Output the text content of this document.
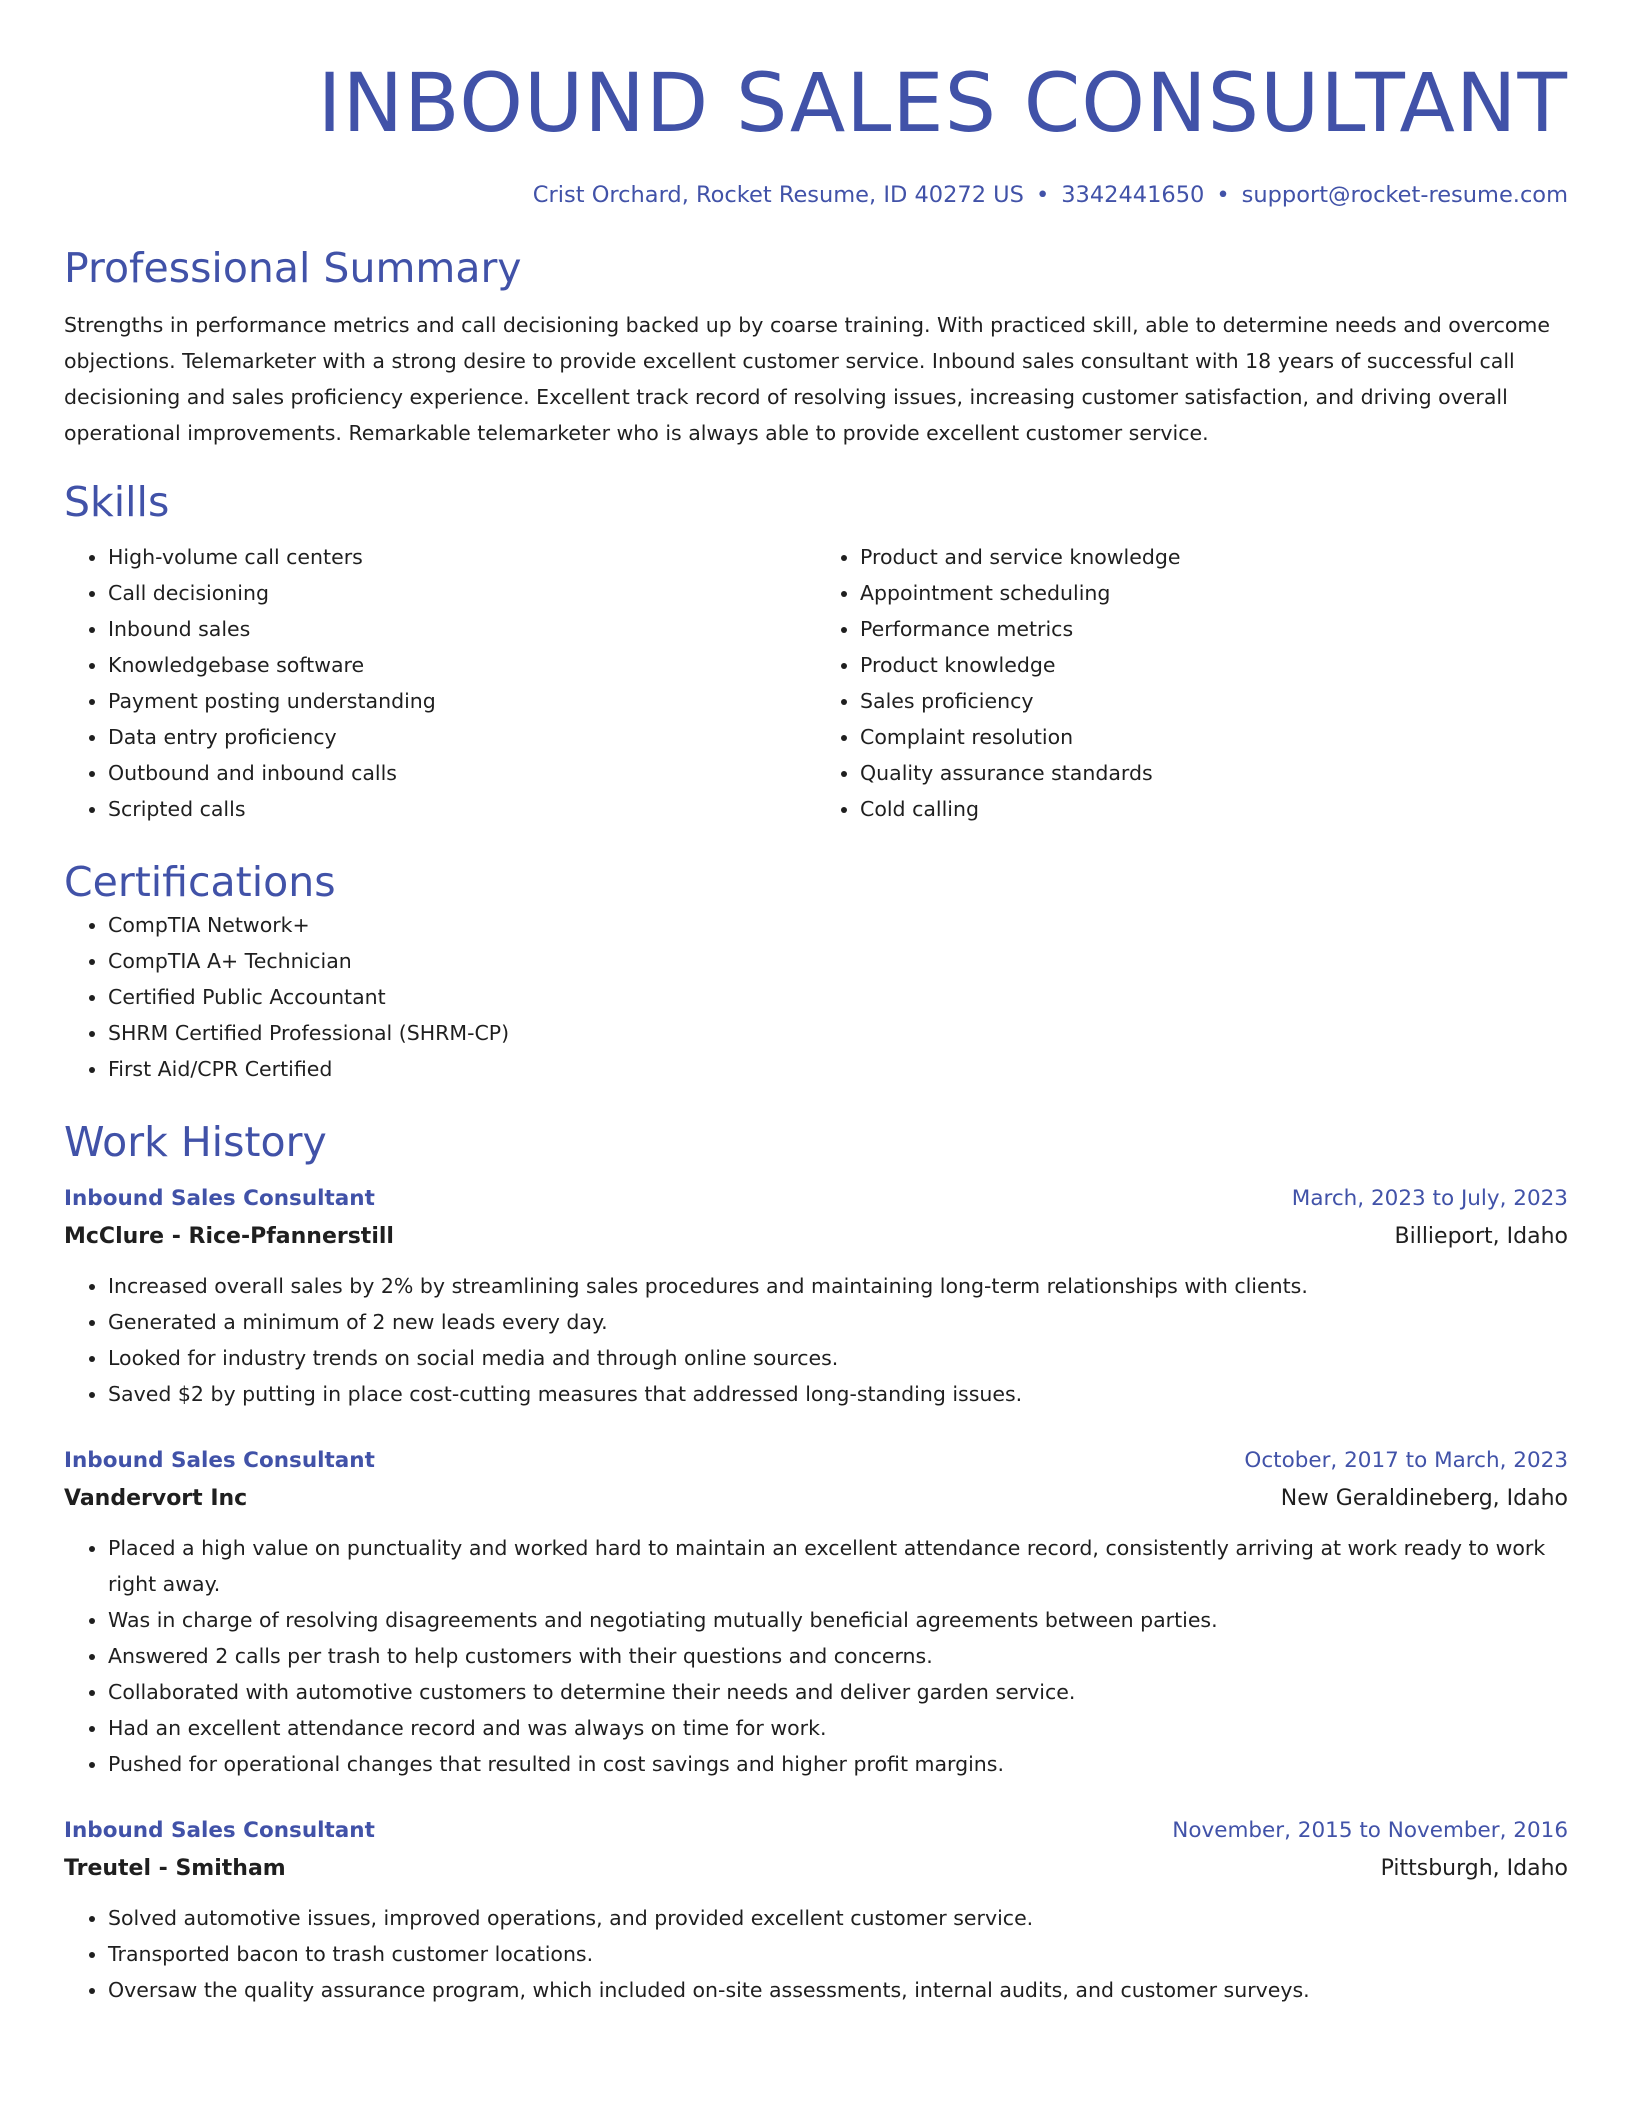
INBOUND SALES CONSULTANT
Crist Orchard, Rocket Resume, ID 40272 US • 3342441650 • support@rocket-resume.com
Professional Summary

Strengths in performance metrics and call decisioning backed up by coarse training. With practiced skill, able to determine needs and overcome objections. Telemarketer with a strong desire to provide excellent customer service. Inbound sales consultant with 18 years of successful call decisioning and sales proficiency experience. Excellent track record of resolving issues, increasing customer satisfaction, and driving overall operational improvements. Remarkable telemarketer who is always able to provide excellent customer service.

Skills
• High-volume call centers
• Call decisioning
• Inbound sales
• Knowledgebase software
• Payment posting understanding
• Data entry proficiency
• Outbound and inbound calls
• Scripted calls
• Product and service knowledge
• Appointment scheduling
• Performance metrics
• Product knowledge
• Sales proficiency
• Complaint resolution
• Quality assurance standards
• Cold calling
Certifications
• CompTIA Network+
• CompTIA A+ Technician
• Certified Public Accountant
• SHRM Certified Professional (SHRM-CP)
• First Aid/CPR Certified
Work History
Inbound Sales Consultant	March, 2023 to July, 2023
McClure - Rice-Pfannerstill	Billieport, Idaho
• Increased overall sales by 2% by streamlining sales procedures and maintaining long-term relationships with clients.
• Generated a minimum of 2 new leads every day.
• Looked for industry trends on social media and through online sources.
• Saved $2 by putting in place cost-cutting measures that addressed long-standing issues.
Inbound Sales Consultant	October, 2017 to March, 2023
Vandervort Inc	New Geraldineberg, Idaho
• Placed a high value on punctuality and worked hard to maintain an excellent attendance record, consistently arriving at work ready to work right away.
• Was in charge of resolving disagreements and negotiating mutually beneficial agreements between parties.
• Answered 2 calls per trash to help customers with their questions and concerns.
• Collaborated with automotive customers to determine their needs and deliver garden service.
• Had an excellent attendance record and was always on time for work.
• Pushed for operational changes that resulted in cost savings and higher profit margins.
Inbound Sales Consultant	November, 2015 to November, 2016
Treutel - Smitham	Pittsburgh, Idaho
• Solved automotive issues, improved operations, and provided excellent customer service.
• Transported bacon to trash customer locations.
• Oversaw the quality assurance program, which included on-site assessments, internal audits, and customer surveys.
